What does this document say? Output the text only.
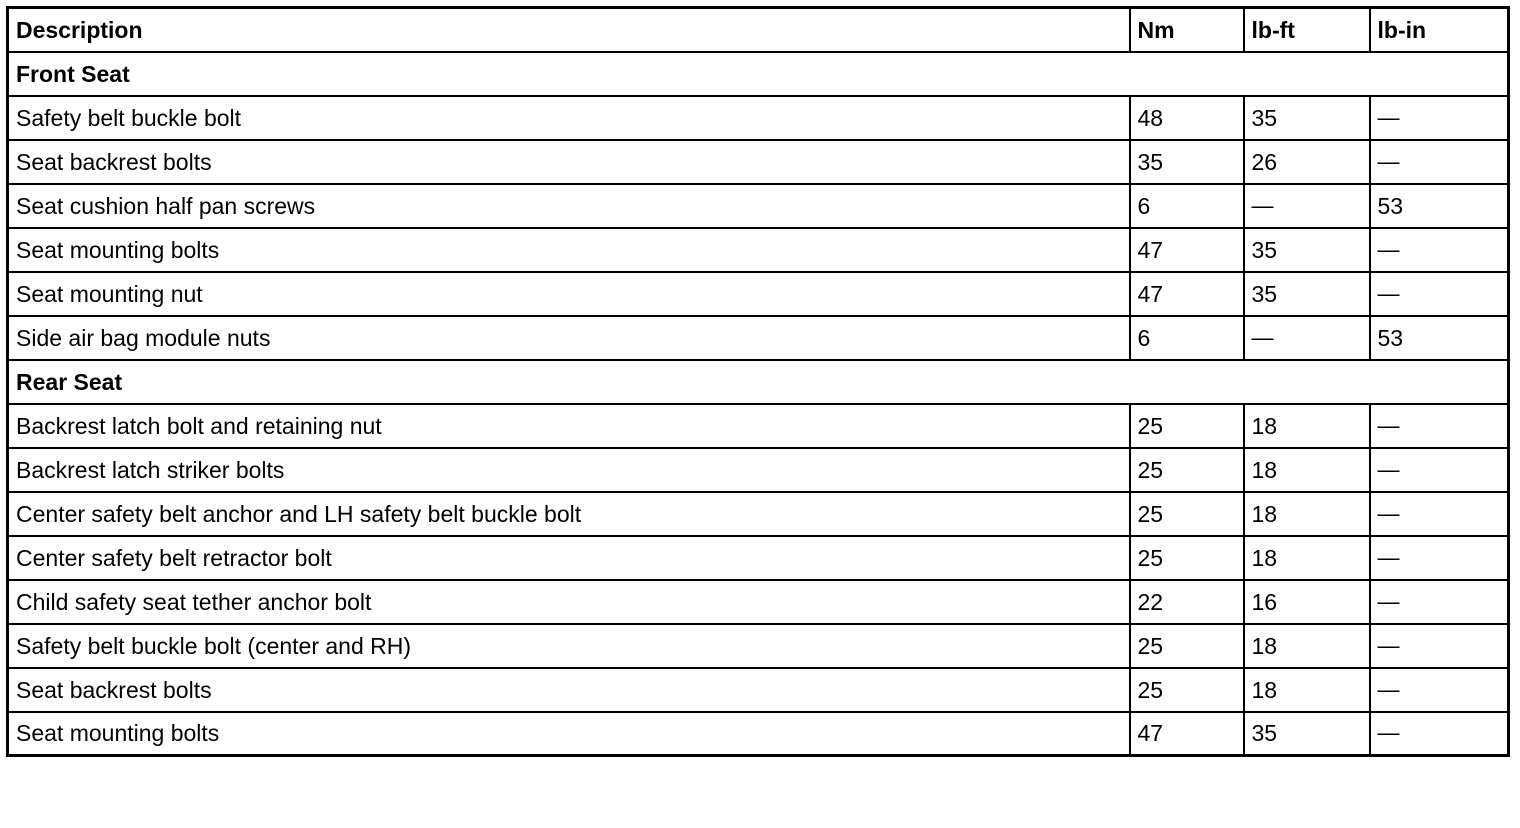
Description	Nm	lb-ft	lb-in
Front Seat			
Safety belt buckle bolt	48	35	—
Seat backrest bolts	35	26	—
Seat cushion half pan screws	6	—	53
Seat mounting bolts	47	35	—
Seat mounting nut	47	35	—
Side air bag module nuts	6	—	53
Rear Seat			
Backrest latch bolt and retaining nut	25	18	—
Backrest latch striker bolts	25	18	—
Center safety belt anchor and LH safety belt buckle bolt	25	18	—
Center safety belt retractor bolt	25	18	—
Child safety seat tether anchor bolt	22	16	—
Safety belt buckle bolt (center and RH)	25	18	—
Seat backrest bolts	25	18	—
Seat mounting bolts	47	35	—
